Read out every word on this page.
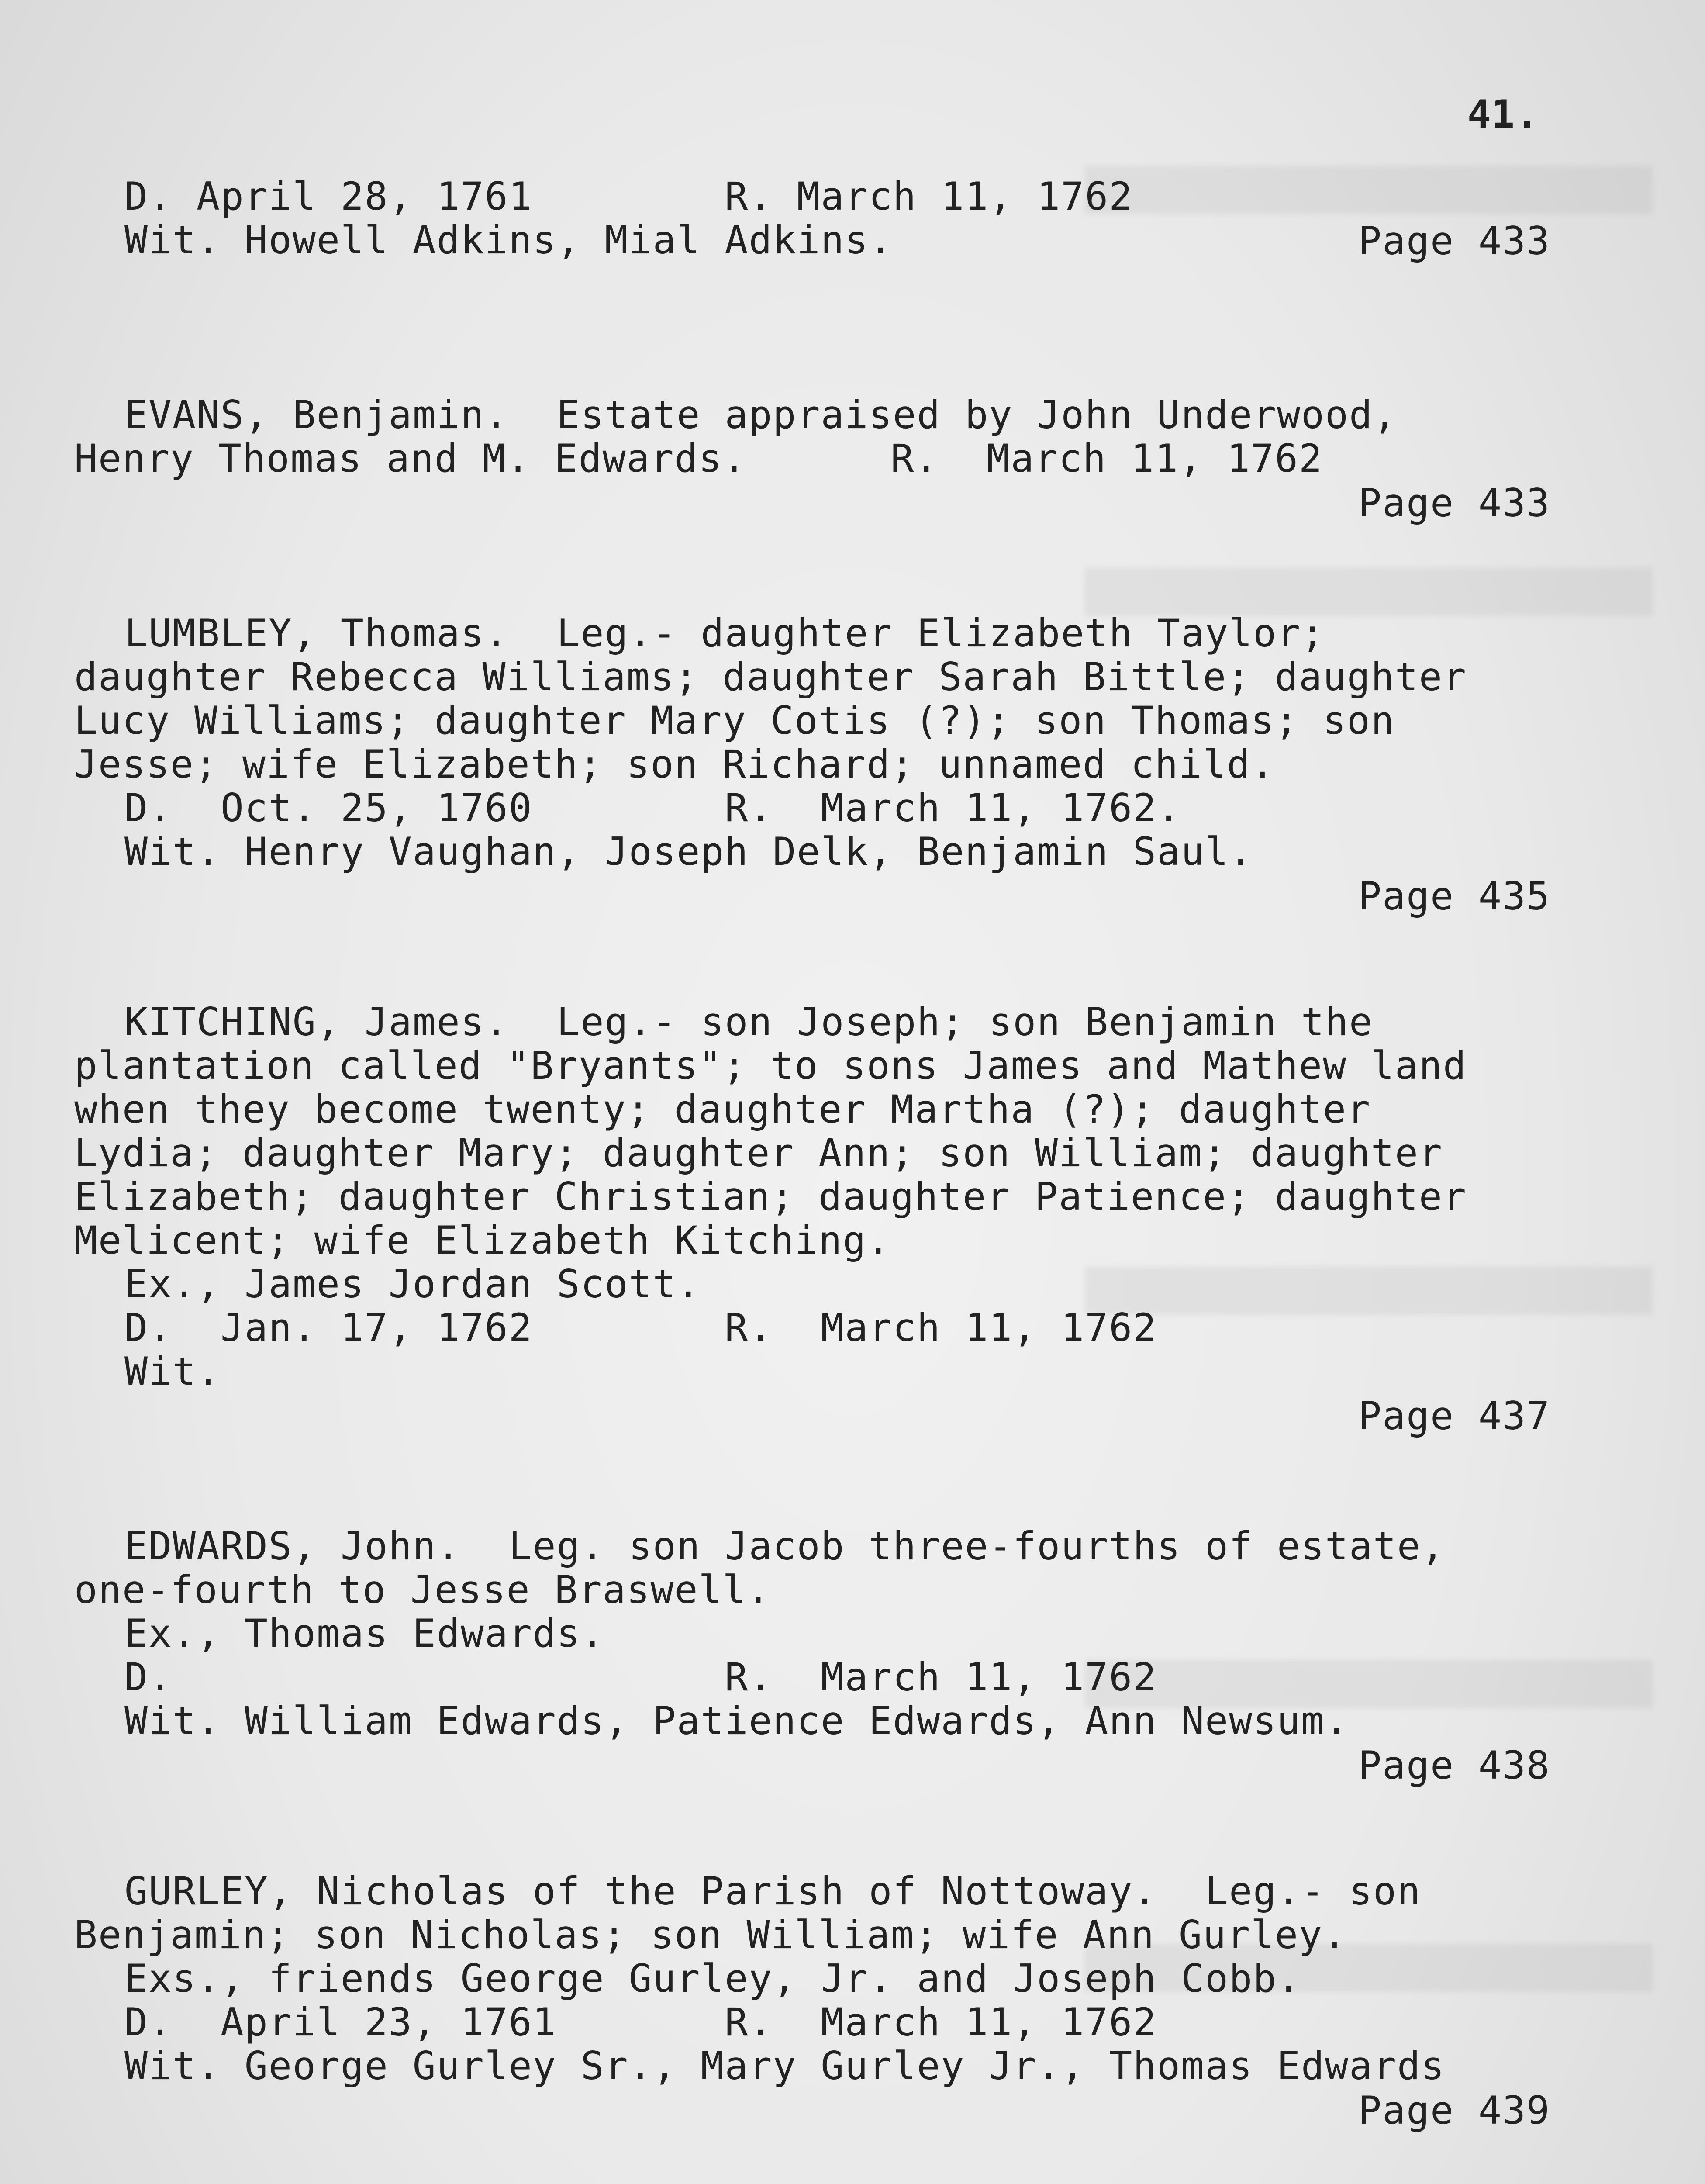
41.
D. April 28, 1761        R. March 11, 1762
Wit. Howell Adkins, Mial Adkins.	Page 433
EVANS, Benjamin.  Estate appraised by John Underwood,
Henry Thomas and M. Edwards.      R.  March 11, 1762
Page 433
LUMBLEY, Thomas.  Leg.- daughter Elizabeth Taylor;
daughter Rebecca Williams; daughter Sarah Bittle; daughter
Lucy Williams; daughter Mary Cotis (?); son Thomas; son
Jesse; wife Elizabeth; son Richard; unnamed child.
D.  Oct. 25, 1760        R.  March 11, 1762.
Wit. Henry Vaughan, Joseph Delk, Benjamin Saul.
Page 435
KITCHING, James.  Leg.- son Joseph; son Benjamin the
plantation called "Bryants"; to sons James and Mathew land
when they become twenty; daughter Martha (?); daughter
Lydia; daughter Mary; daughter Ann; son William; daughter
Elizabeth; daughter Christian; daughter Patience; daughter
Melicent; wife Elizabeth Kitching.
Ex., James Jordan Scott.
D.  Jan. 17, 1762        R.  March 11, 1762
Wit.
Page 437
EDWARDS, John.  Leg. son Jacob three-fourths of estate,
one-fourth to Jesse Braswell.
Ex., Thomas Edwards.
D.                       R.  March 11, 1762
Wit. William Edwards, Patience Edwards, Ann Newsum.
Page 438
GURLEY, Nicholas of the Parish of Nottoway.  Leg.- son
Benjamin; son Nicholas; son William; wife Ann Gurley.
Exs., friends George Gurley, Jr. and Joseph Cobb.
D.  April 23, 1761       R.  March 11, 1762
Wit. George Gurley Sr., Mary Gurley Jr., Thomas Edwards
Page 439
